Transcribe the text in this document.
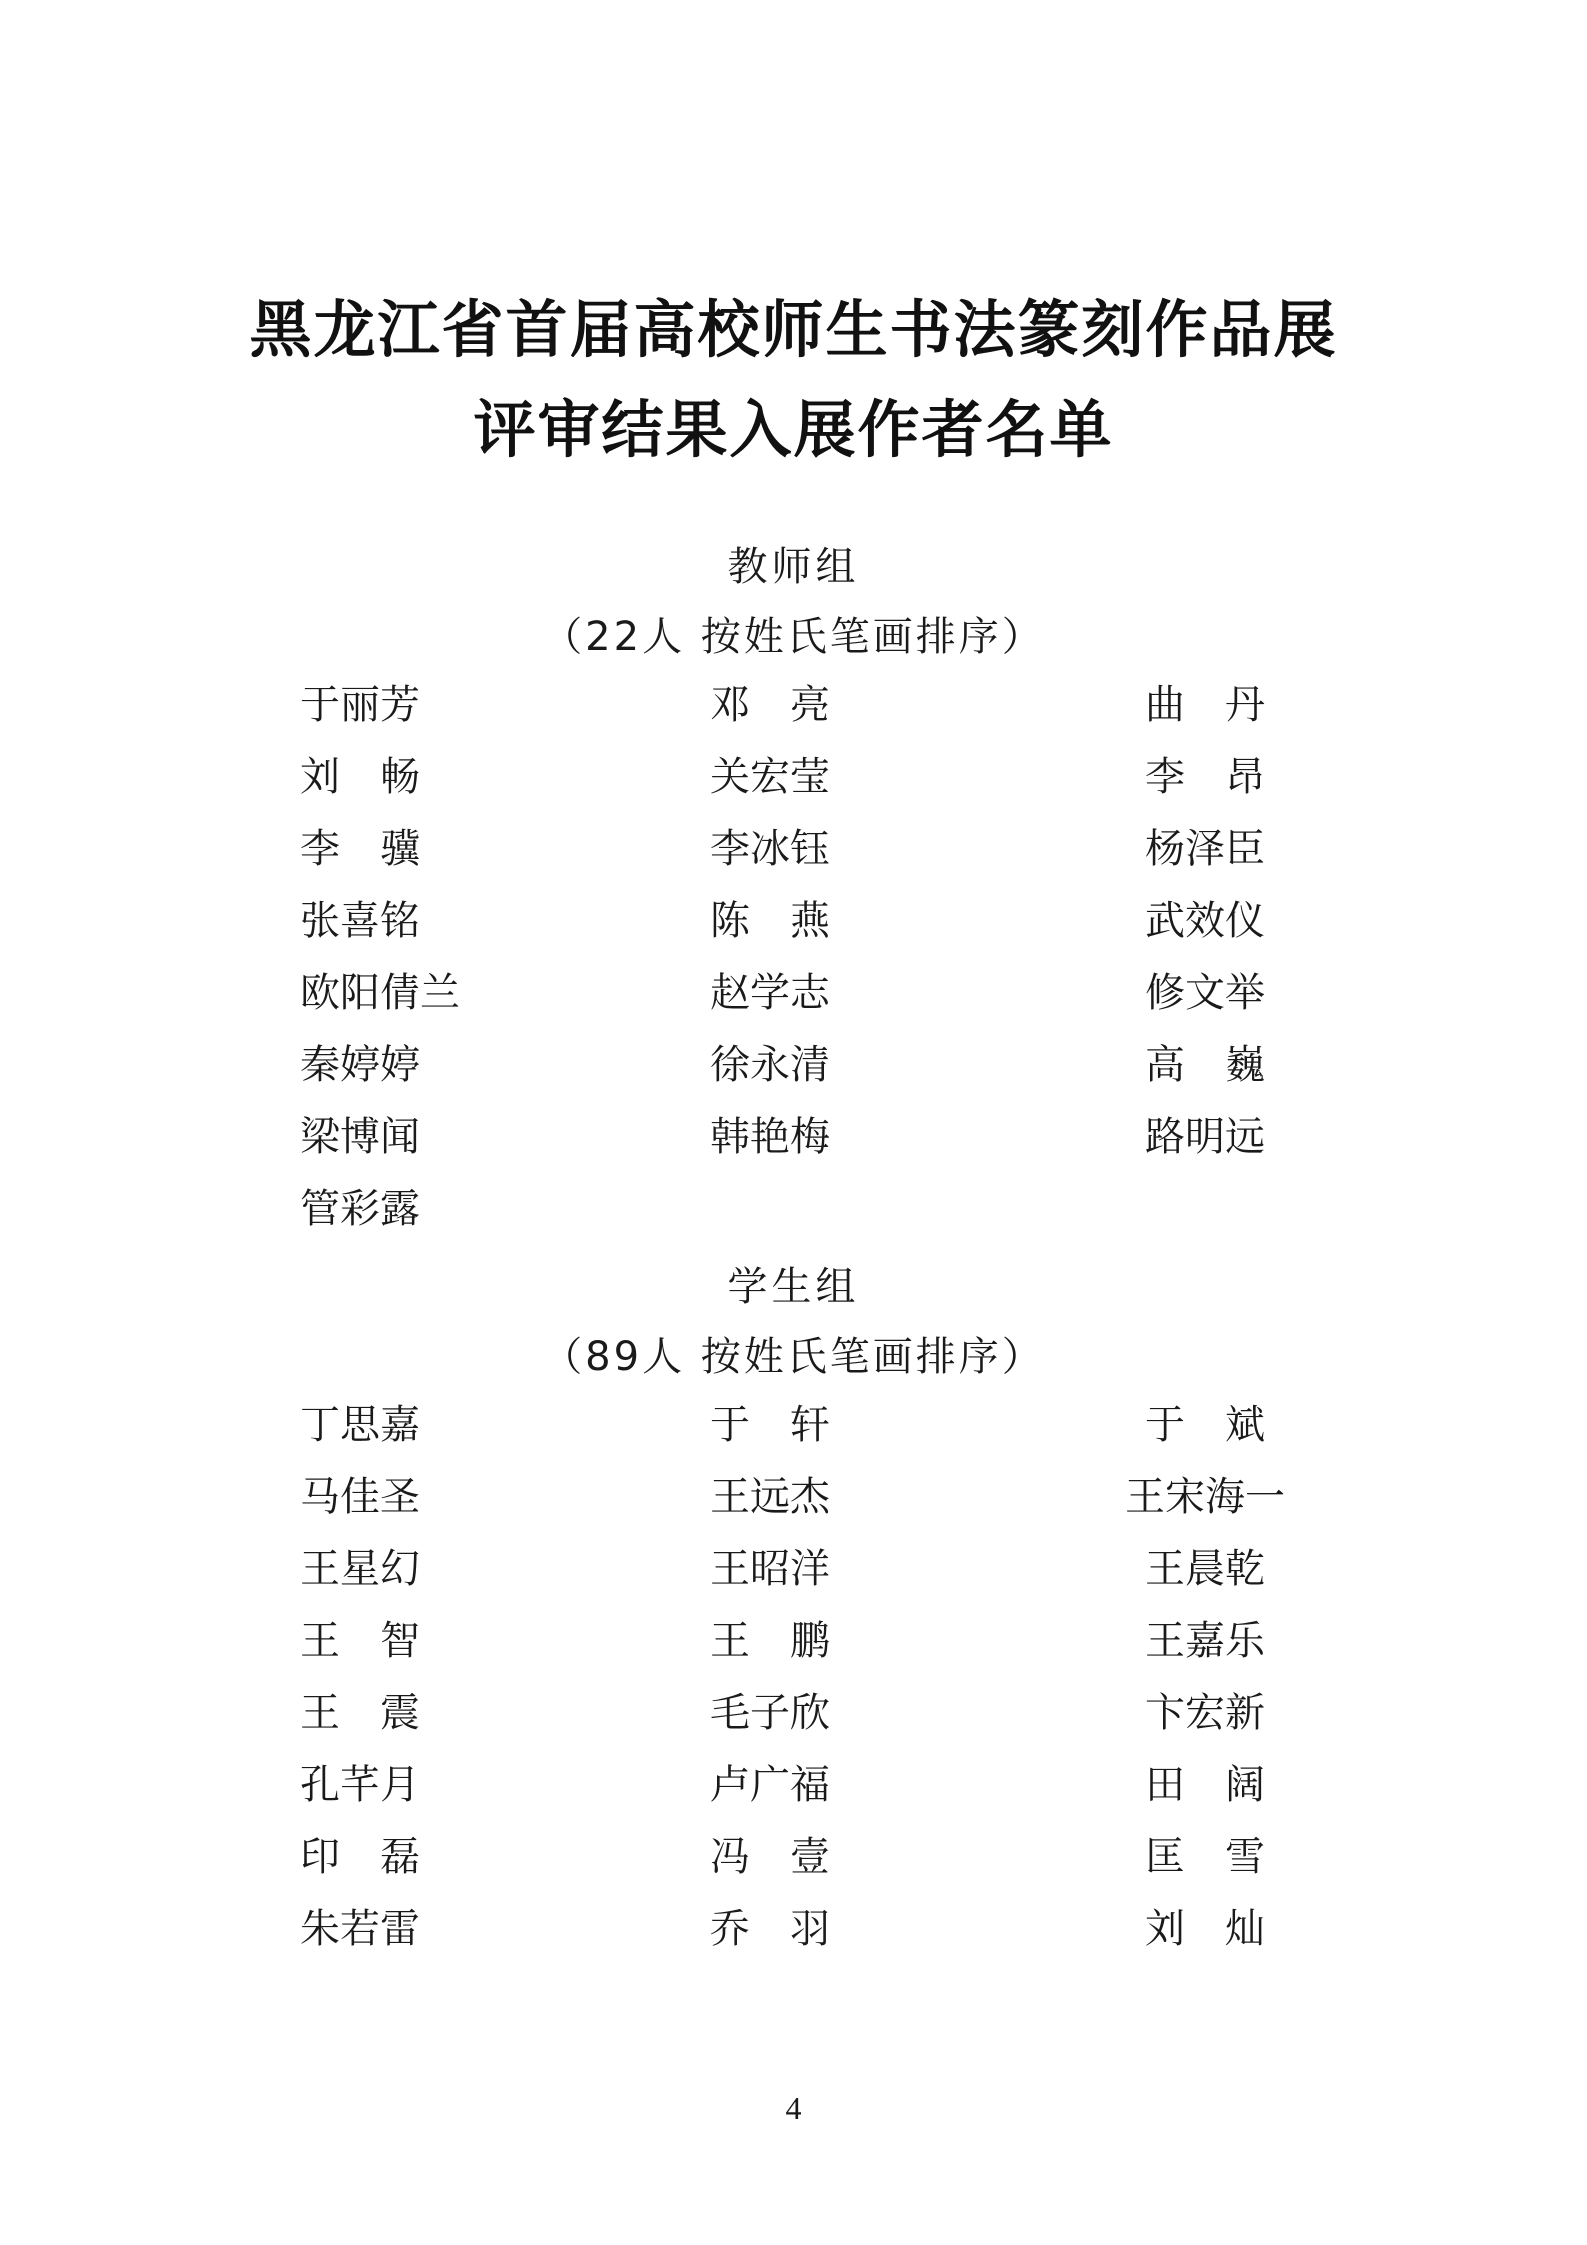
黑龙江省首届高校师生书法篆刻作品展
评审结果入展作者名单
教师组
（22人 按姓氏笔画排序）
于丽芳	邓　亮	曲　丹
刘　畅	关宏莹	李　昂
李　骥	李冰钰	杨泽臣
张喜铭	陈　燕	武效仪
欧阳倩兰	赵学志	修文举
秦婷婷	徐永清	高　巍
梁博闻	韩艳梅	路明远
管彩露
学生组
（89人 按姓氏笔画排序）
丁思嘉	于　轩	于　斌
马佳圣	王远杰	王宋海一
王星幻	王昭洋	王晨乾
王　智	王　鹏	王嘉乐
王　震	毛子欣	卞宏新
孔芊月	卢广福	田　阔
印　磊	冯　壹	匡　雪
朱若雷	乔　羽	刘　灿
4
